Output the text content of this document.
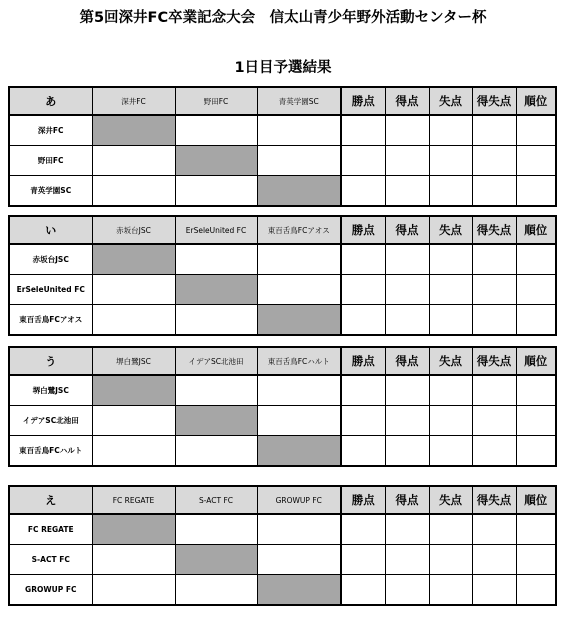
第5回深井FC卒業記念大会　信太山青少年野外活動センター杯
1日目予選結果
あ	深井FC	野田FC	青英学園SC	勝点	得点	失点	得失点	順位
深井FC								
野田FC								
青英学園SC								
い	赤坂台JSC	ErSeleUnited FC	東百舌鳥FCアオス	勝点	得点	失点	得失点	順位
赤坂台JSC								
ErSeleUnited FC								
東百舌鳥FCアオス								
う	堺白鷺JSC	イデアSC北池田	東百舌鳥FCハルト	勝点	得点	失点	得失点	順位
堺白鷺JSC								
イデアSC北池田								
東百舌鳥FCハルト								
え	FC REGATE	S-ACT FC	GROWUP FC	勝点	得点	失点	得失点	順位
FC REGATE								
S-ACT FC								
GROWUP FC								
